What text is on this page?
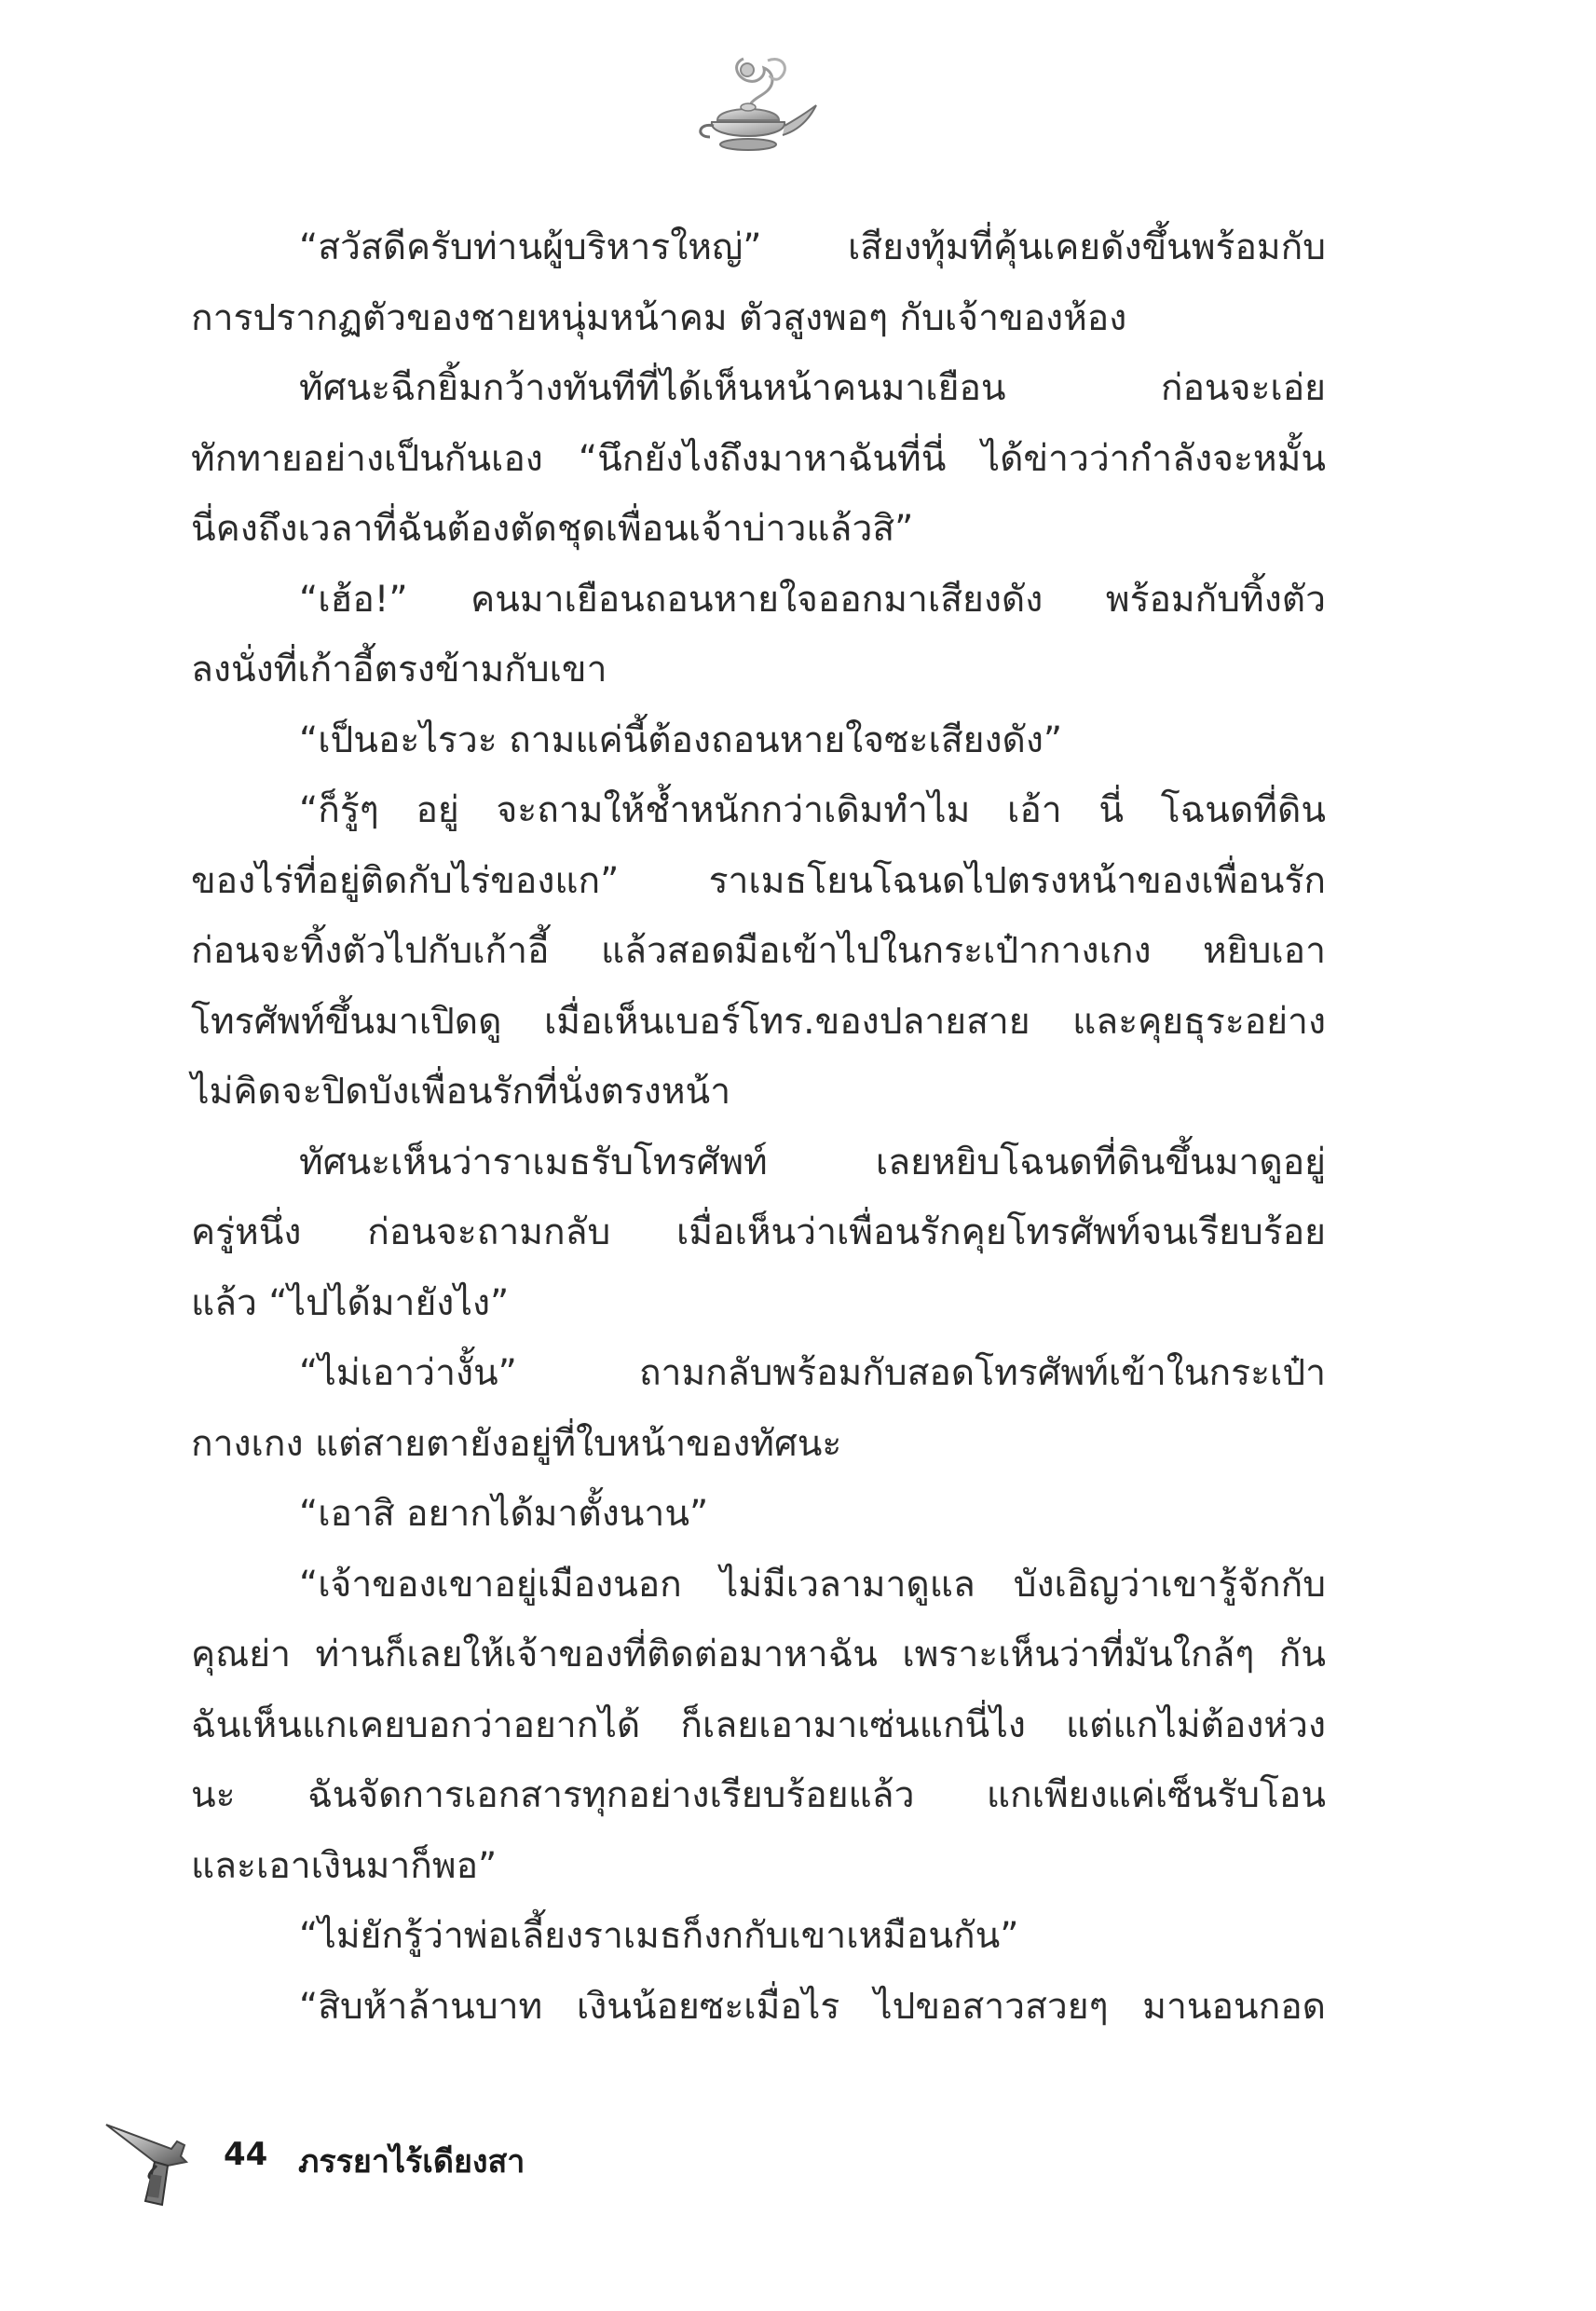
“สวัสดีครับท่านผู้บริหารใหญ่” เสียงทุ้มที่คุ้นเคยดังขึ้นพร้อมกับ
การปรากฏตัวของชายหนุ่มหน้าคม ตัวสูงพอๆ กับเจ้าของห้อง
ทัศนะฉีกยิ้มกว้างทันทีที่ได้เห็นหน้าคนมาเยือน ก่อนจะเอ่ย
ทักทายอย่างเป็นกันเอง “นึกยังไงถึงมาหาฉันที่นี่ ได้ข่าวว่ากำลังจะหมั้น
นี่คงถึงเวลาที่ฉันต้องตัดชุดเพื่อนเจ้าบ่าวแล้วสิ”
“เฮ้อ!” คนมาเยือนถอนหายใจออกมาเสียงดัง พร้อมกับทิ้งตัว
ลงนั่งที่เก้าอี้ตรงข้ามกับเขา
“เป็นอะไรวะ ถามแค่นี้ต้องถอนหายใจซะเสียงดัง”
“ก็รู้ๆ อยู่ จะถามให้ช้ำหนักกว่าเดิมทำไม เอ้า นี่ โฉนดที่ดิน
ของไร่ที่อยู่ติดกับไร่ของแก” ราเมธโยนโฉนดไปตรงหน้าของเพื่อนรัก
ก่อนจะทิ้งตัวไปกับเก้าอี้ แล้วสอดมือเข้าไปในกระเป๋ากางเกง หยิบเอา
โทรศัพท์ขึ้นมาเปิดดู เมื่อเห็นเบอร์โทร.ของปลายสาย และคุยธุระอย่าง
ไม่คิดจะปิดบังเพื่อนรักที่นั่งตรงหน้า
ทัศนะเห็นว่าราเมธรับโทรศัพท์ เลยหยิบโฉนดที่ดินขึ้นมาดูอยู่
ครู่หนึ่ง ก่อนจะถามกลับ เมื่อเห็นว่าเพื่อนรักคุยโทรศัพท์จนเรียบร้อย
แล้ว “ไปได้มายังไง”
“ไม่เอาว่างั้น” ถามกลับพร้อมกับสอดโทรศัพท์เข้าในกระเป๋า
กางเกง แต่สายตายังอยู่ที่ใบหน้าของทัศนะ
“เอาสิ อยากได้มาตั้งนาน”
“เจ้าของเขาอยู่เมืองนอก ไม่มีเวลามาดูแล บังเอิญว่าเขารู้จักกับ
คุณย่า ท่านก็เลยให้เจ้าของที่ติดต่อมาหาฉัน เพราะเห็นว่าที่มันใกล้ๆ กัน
ฉันเห็นแกเคยบอกว่าอยากได้ ก็เลยเอามาเซ่นแกนี่ไง แต่แกไม่ต้องห่วง
นะ ฉันจัดการเอกสารทุกอย่างเรียบร้อยแล้ว แกเพียงแค่เซ็นรับโอน
และเอาเงินมาก็พอ”
“ไม่ยักรู้ว่าพ่อเลี้ยงราเมธก็งกกับเขาเหมือนกัน”
“สิบห้าล้านบาท เงินน้อยซะเมื่อไร ไปขอสาวสวยๆ มานอนกอด
44 ภรรยาไร้เดียงสา
